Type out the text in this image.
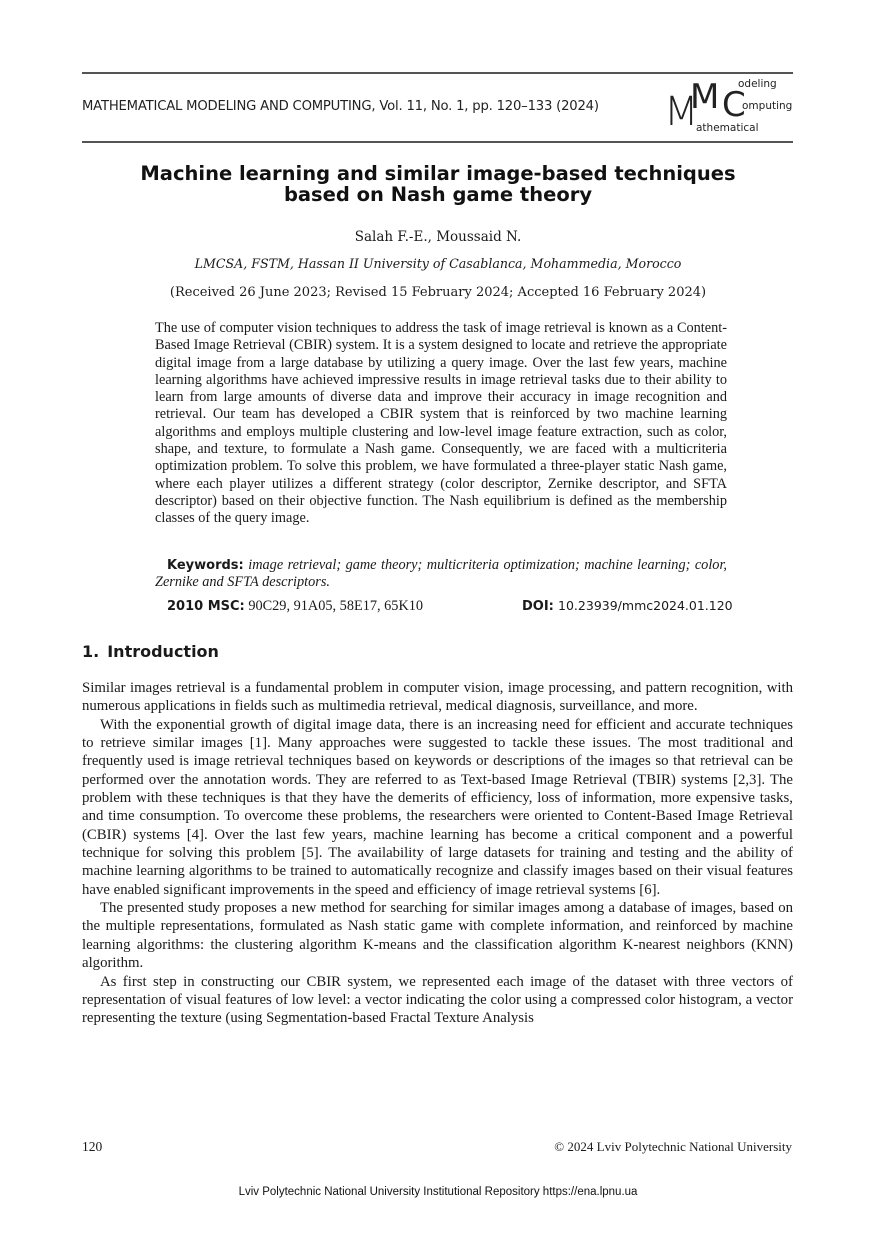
MATHEMATICAL MODELING AND COMPUTING, Vol. 11, No. 1, pp. 120–133 (2024) M
M C
odeling
omputing
athematical
Machine learning and similar image-based techniques
based on Nash game theory
Salah F.-E., Moussaid N.
LMCSA, FSTM, Hassan II University of Casablanca, Mohammedia, Morocco
(Received 26 June 2023; Revised 15 February 2024; Accepted 16 February 2024)
The use of computer vision techniques to address the task of image retrieval is known as a Content-Based Image Retrieval (CBIR) system. It is a system designed to locate and retrieve the appropriate digital image from a large database by utilizing a query image. Over the last few years, machine learning algorithms have achieved impressive results in image retrieval tasks due to their ability to learn from large amounts of diverse data and improve their accuracy in image recognition and retrieval. Our team has developed a CBIR system that is reinforced by two machine learning algorithms and employs multiple clustering and low-level image feature extraction, such as color, shape, and texture, to formulate a Nash game. Consequently, we are faced with a multicriteria optimization problem. To solve this problem, we have formulated a three-player static Nash game, where each player utilizes a different strategy (color descriptor, Zernike descriptor, and SFTA descriptor) based on their objective function. The Nash equilibrium is defined as the membership classes of the query image.
Keywords: image retrieval; game theory; multicriteria optimization; machine learning; color, Zernike and SFTA descriptors.
2010 MSC: 90C29, 91A05, 58E17, 65K10	DOI: 10.23939/mmc2024.01.120
1. Introduction

Similar images retrieval is a fundamental problem in computer vision, image processing, and pattern recognition, with numerous applications in fields such as multimedia retrieval, medical diagnosis, surveillance, and more.

With the exponential growth of digital image data, there is an increasing need for efficient and accurate techniques to retrieve similar images [1]. Many approaches were suggested to tackle these issues. The most traditional and frequently used is image retrieval techniques based on keywords or descriptions of the images so that retrieval can be performed over the annotation words. They are referred to as Text-based Image Retrieval (TBIR) systems [2,3]. The problem with these techniques is that they have the demerits of efficiency, loss of information, more expensive tasks, and time consumption. To overcome these problems, the researchers were oriented to Content-Based Image Retrieval (CBIR) systems [4]. Over the last few years, machine learning has become a critical component and a powerful technique for solving this problem [5]. The availability of large datasets for training and testing and the ability of machine learning algorithms to be trained to automatically recognize and classify images based on their visual features have enabled significant improvements in the speed and efficiency of image retrieval systems [6].

The presented study proposes a new method for searching for similar images among a database of images, based on the multiple representations, formulated as Nash static game with complete information, and reinforced by machine learning algorithms: the clustering algorithm K-means and the classification algorithm K-nearest neighbors (KNN) algorithm.

As first step in constructing our CBIR system, we represented each image of the dataset with three vectors of representation of visual features of low level: a vector indicating the color using a compressed color histogram, a vector representing the texture (using Segmentation-based Fractal Texture Analysis

120	© 2024 Lviv Polytechnic National University
Lviv Polytechnic National University Institutional Repository https://ena.lpnu.ua
